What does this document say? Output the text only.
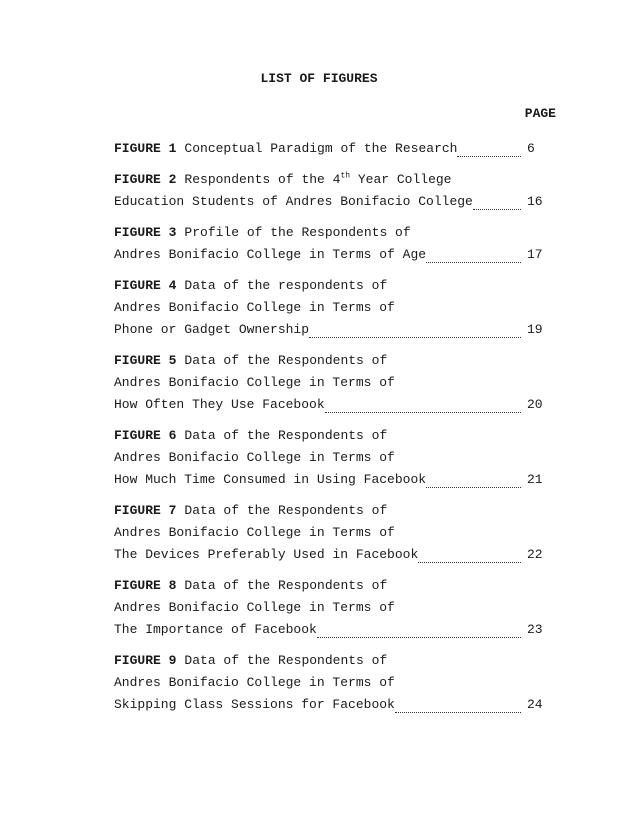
LIST OF FIGURES
PAGE
FIGURE 1 Conceptual Paradigm of the Research	6
FIGURE 2 Respondents of the 4th Year College
Education Students of Andres Bonifacio College	16
FIGURE 3 Profile of the Respondents of
Andres Bonifacio College in Terms of Age	17
FIGURE 4 Data of the respondents of
Andres Bonifacio College in Terms of
Phone or Gadget Ownership	19
FIGURE 5 Data of the Respondents of
Andres Bonifacio College in Terms of
How Often They Use Facebook	20
FIGURE 6 Data of the Respondents of
Andres Bonifacio College in Terms of
How Much Time Consumed in Using Facebook	21
FIGURE 7 Data of the Respondents of
Andres Bonifacio College in Terms of
The Devices Preferably Used in Facebook	22
FIGURE 8 Data of the Respondents of
Andres Bonifacio College in Terms of
The Importance of Facebook	23
FIGURE 9 Data of the Respondents of
Andres Bonifacio College in Terms of
Skipping Class Sessions for Facebook	24
